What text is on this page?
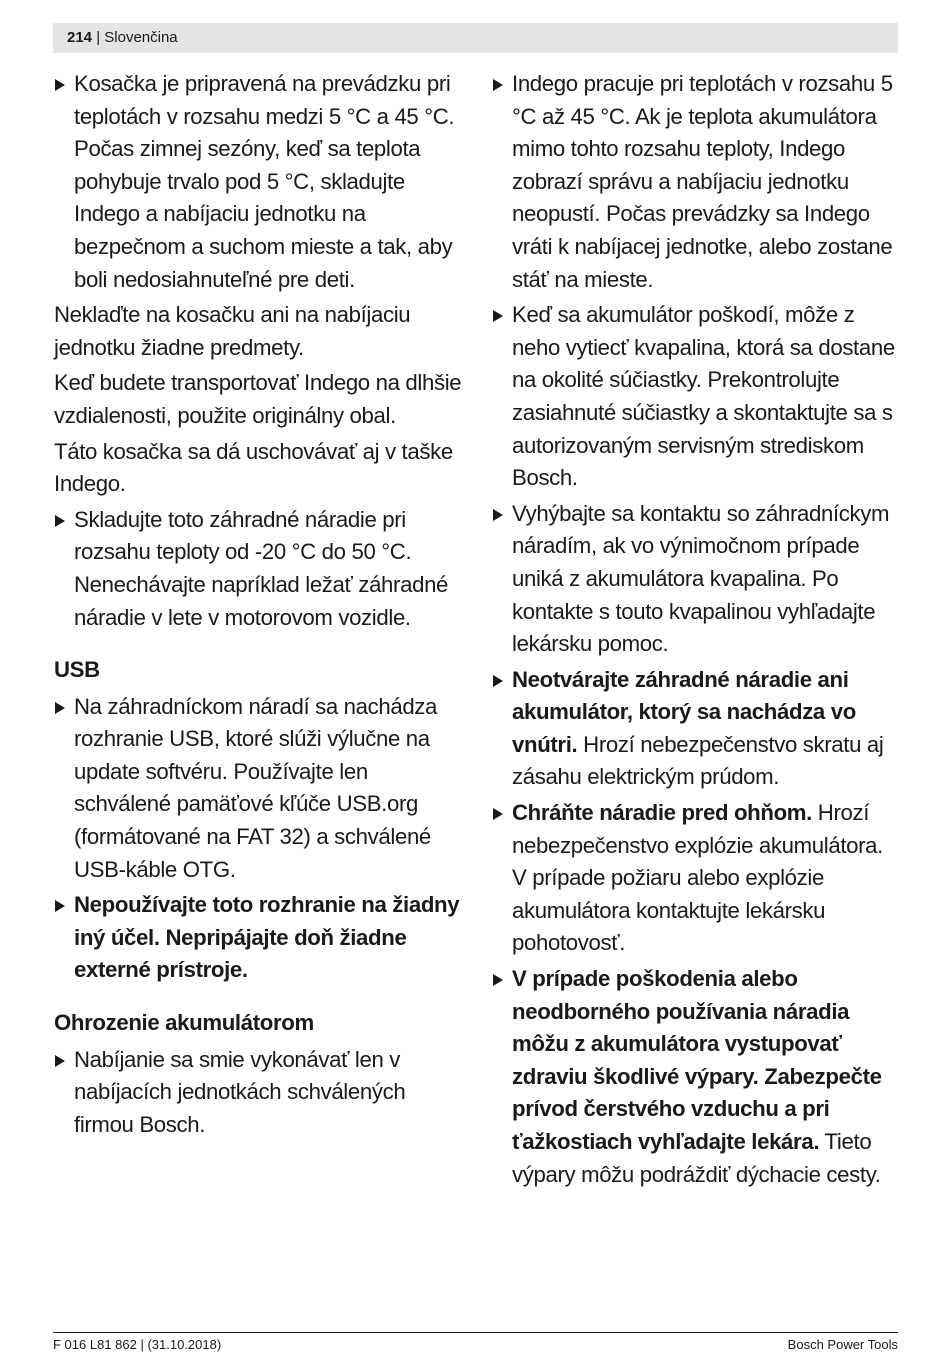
214 | Slovenčina
Kosačka je pripravená na prevádzku pri teplotách v rozsahu medzi 5 °C a 45 °C. Počas zimnej sezóny, keď sa teplota pohybuje trvalo pod 5 °C, skladujte Indego a nabíjaciu jednotku na bezpečnom a suchom mieste a tak, aby boli nedosiahnuteľné pre deti.
Neklaďte na kosačku ani na nabíjaciu jednotku žiadne predmety.
Keď budete transportovať Indego na dlhšie vzdialenosti, použite originálny obal.
Táto kosačka sa dá uschovávať aj v taške Indego.
Skladujte toto záhradné náradie pri rozsahu teploty od -20 °C do 50 °C. Nenechávajte napríklad ležať záhradné náradie v lete v motorovom vozidle.
USB
Na záhradníckom náradí sa nachádza rozhranie USB, ktoré slúži výlučne na update softvéru. Používajte len schválené pamäťové kľúče USB.org (formátované na FAT 32) a schválené USB-káble OTG.
Nepoužívajte toto rozhranie na žiadny iný účel. Nepripájajte doň žiadne externé prístroje.
Ohrozenie akumulátorom
Nabíjanie sa smie vykonávať len v nabíjacích jednotkách schválených firmou Bosch.
Indego pracuje pri teplotách v rozsahu 5 °C až 45 °C. Ak je teplota akumulátora mimo tohto rozsahu teploty, Indego zobrazí správu a nabíjaciu jednotku neopustí. Počas prevádzky sa Indego vráti k nabíjacej jednotke, alebo zostane stáť na mieste.
Keď sa akumulátor poškodí, môže z neho vytiecť kvapalina, ktorá sa dostane na okolité súčiastky. Prekontrolujte zasiahnuté súčiastky a skontaktujte sa s autorizovaným servisným strediskom Bosch.
Vyhýbajte sa kontaktu so záhradníckym náradím, ak vo výnimočnom prípade uniká z akumulátora kvapalina. Po kontakte s touto kvapalinou vyhľadajte lekársku pomoc.
Neotvárajte záhradné náradie ani akumulátor, ktorý sa nachádza vo vnútri. Hrozí nebezpečenstvo skratu aj zásahu elektrickým prúdom.
Chráňte náradie pred ohňom. Hrozí nebezpečenstvo explózie akumulátora. V prípade požiaru alebo explózie akumulátora kontaktujte lekársku pohotovosť.
V prípade poškodenia alebo neodborného používania náradia môžu z akumulátora vystupovať zdraviu škodlivé výpary. Zabezpečte prívod čerstvého vzduchu a pri ťažkostiach vyhľadajte lekára. Tieto výpary môžu podráždiť dýchacie cesty.
F 016 L81 862 | (31.10.2018)	Bosch Power Tools
